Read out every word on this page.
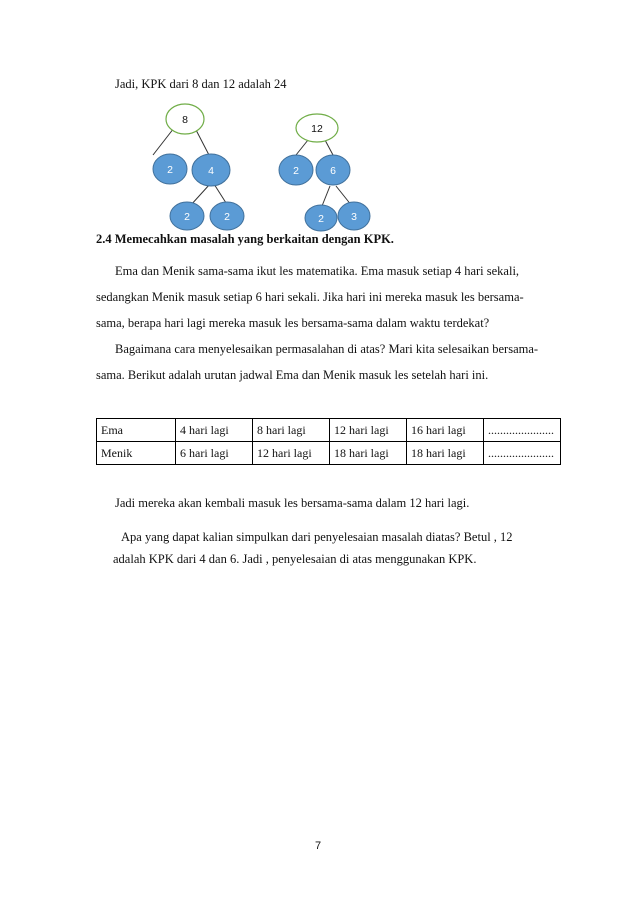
Jadi, KPK dari 8 dan 12 adalah 24
8
2	4
2	2
12
2	6
2	3
2.4 Memecahkan masalah yang berkaitan dengan KPK.
Ema dan Menik sama-sama ikut les matematika. Ema masuk setiap 4 hari sekali,
sedangkan Menik masuk setiap 6 hari sekali. Jika hari ini mereka masuk les bersama-
sama, berapa hari lagi mereka masuk les bersama-sama dalam waktu terdekat?
Bagaimana cara menyelesaikan permasalahan di atas? Mari kita selesaikan bersama-
sama. Berikut adalah urutan jadwal Ema dan Menik masuk les setelah hari ini.
Ema	4 hari lagi	8 hari lagi	12 hari lagi	16 hari lagi	......................
Menik	6 hari lagi	12 hari lagi	18 hari lagi	18 hari lagi	......................
Jadi mereka akan kembali masuk les bersama-sama dalam 12 hari lagi.
Apa yang dapat kalian simpulkan dari penyelesaian masalah diatas? Betul , 12
adalah KPK dari 4 dan 6. Jadi , penyelesaian di atas menggunakan KPK.
7
